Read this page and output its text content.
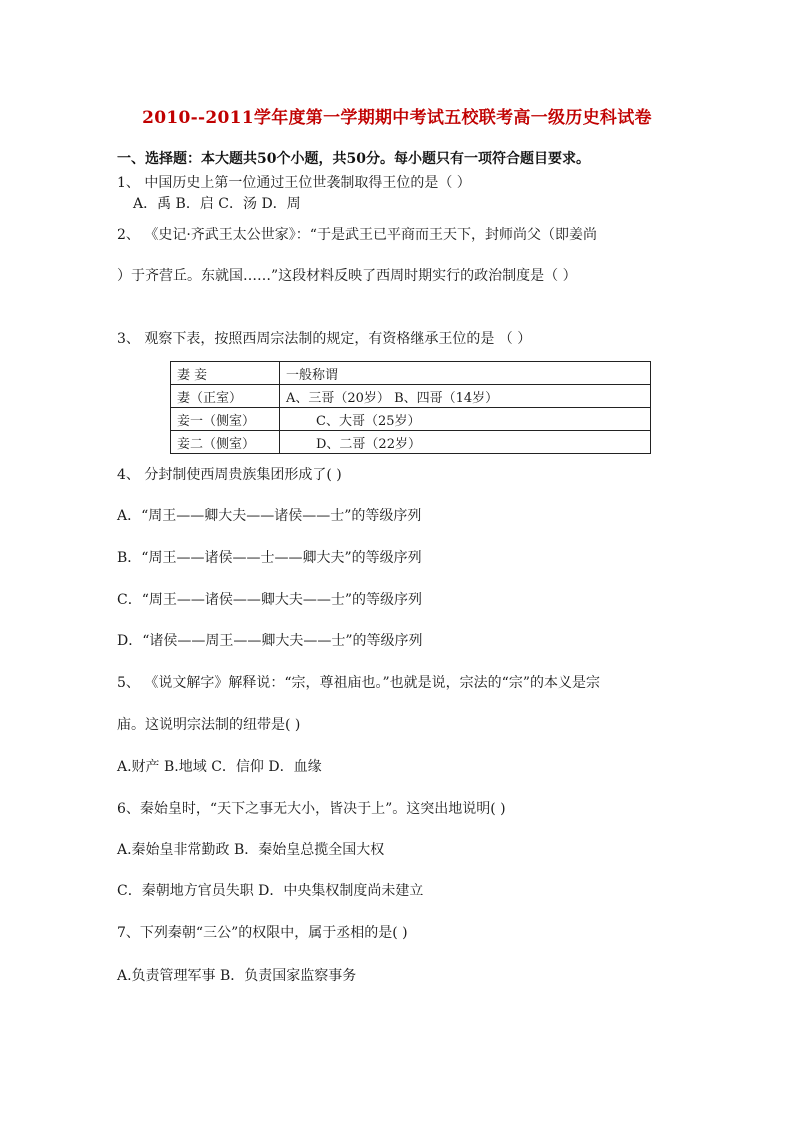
2010--2011学年度第一学期期中考试五校联考高一级历史科试卷
一、选择题：本大题共50个小题，共50分。每小题只有一项符合题目要求。
1、 中国历史上第一位通过王位世袭制取得王位的是（ ）
A．禹 B．启 C．汤 D．周
2、 《史记·齐武王太公世家》：“于是武王已平商而王天下，封师尚父（即姜尚
）于齐营丘。东就国……”这段材料反映了西周时期实行的政治制度是（ ）
3、 观察下表，按照西周宗法制的规定，有资格继承王位的是 （ ）
妻 妾	一般称谓
妻（正室）	A、三哥（20岁） B、四哥（14岁）
妾一（侧室）	C、大哥（25岁）
妾二（侧室）	D、二哥（22岁）
4、 分封制使西周贵族集团形成了( )
A．“周王——卿大夫——诸侯——士”的等级序列
B．“周王——诸侯——士——卿大夫”的等级序列
C．“周王——诸侯——卿大夫——士”的等级序列
D．“诸侯——周王——卿大夫——士”的等级序列
5、 《说文解字》解释说：“宗，尊祖庙也。”也就是说，宗法的“宗”的本义是宗
庙。这说明宗法制的纽带是( )
A.财产 B.地域 C．信仰 D．血缘
6、秦始皇时，“天下之事无大小，皆决于上”。这突出地说明( )
A.秦始皇非常勤政 B．秦始皇总揽全国大权
C．秦朝地方官员失职 D．中央集权制度尚未建立
7、下列秦朝“三公”的权限中，属于丞相的是( )
A.负责管理军事 B．负责国家监察事务
